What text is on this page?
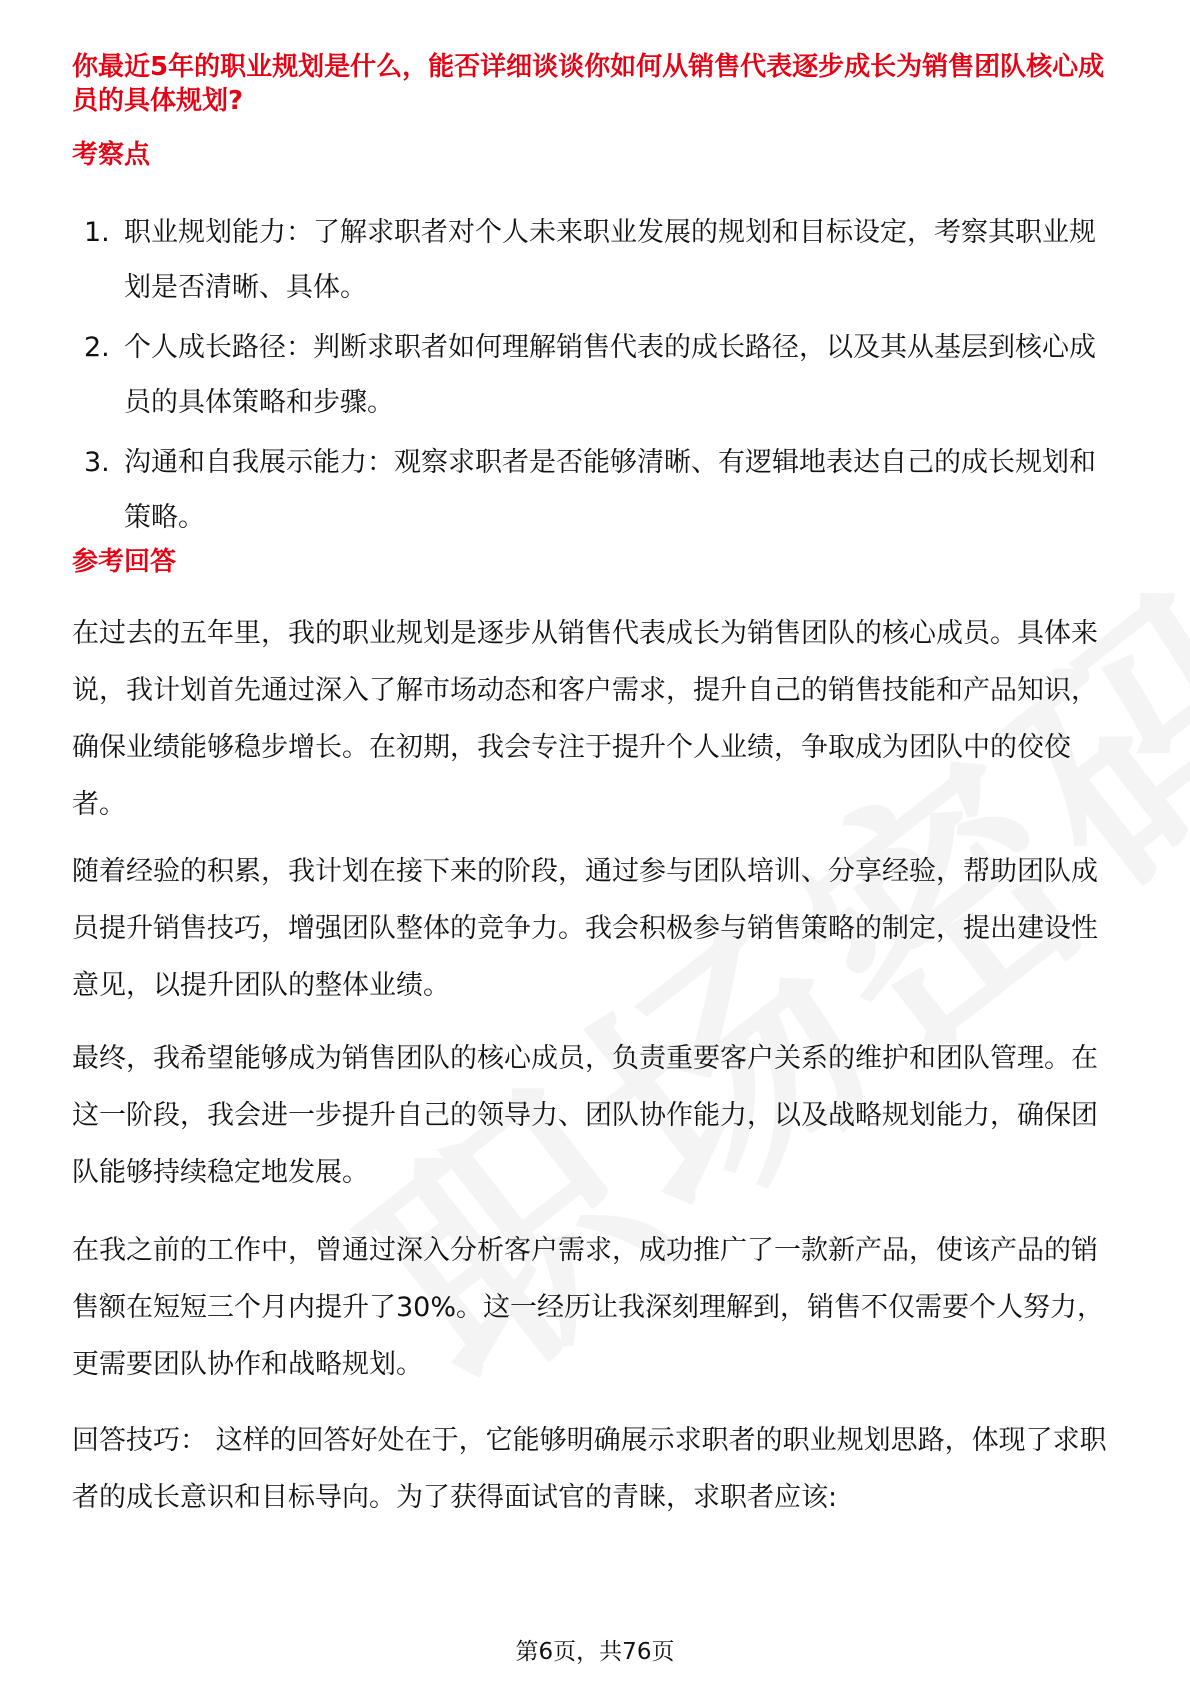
你最近5年的职业规划是什么，能否详细谈谈你如何从销售代表逐步成长为销售团队核心成员的具体规划?
考察点
1. 职业规划能力：了解求职者对个人未来职业发展的规划和目标设定，考察其职业规划是否清晰、具体。
2. 个人成长路径：判断求职者如何理解销售代表的成长路径，以及其从基层到核心成员的具体策略和步骤。
3. 沟通和自我展示能力：观察求职者是否能够清晰、有逻辑地表达自己的成长规划和策略。
参考回答

在过去的五年里，我的职业规划是逐步从销售代表成长为销售团队的核心成员。具体来说，我计划首先通过深入了解市场动态和客户需求，提升自己的销售技能和产品知识，确保业绩能够稳步增长。在初期，我会专注于提升个人业绩，争取成为团队中的佼佼者。

随着经验的积累，我计划在接下来的阶段，通过参与团队培训、分享经验，帮助团队成员提升销售技巧，增强团队整体的竞争力。我会积极参与销售策略的制定，提出建设性意见，以提升团队的整体业绩。

最终，我希望能够成为销售团队的核心成员，负责重要客户关系的维护和团队管理。在这一阶段，我会进一步提升自己的领导力、团队协作能力，以及战略规划能力，确保团队能够持续稳定地发展。

在我之前的工作中，曾通过深入分析客户需求，成功推广了一款新产品，使该产品的销售额在短短三个月内提升了30%。这一经历让我深刻理解到，销售不仅需要个人努力，更需要团队协作和战略规划。

回答技巧： 这样的回答好处在于，它能够明确展示求职者的职业规划思路，体现了求职者的成长意识和目标导向。为了获得面试官的青睐，求职者应该:

第6页，共76页
